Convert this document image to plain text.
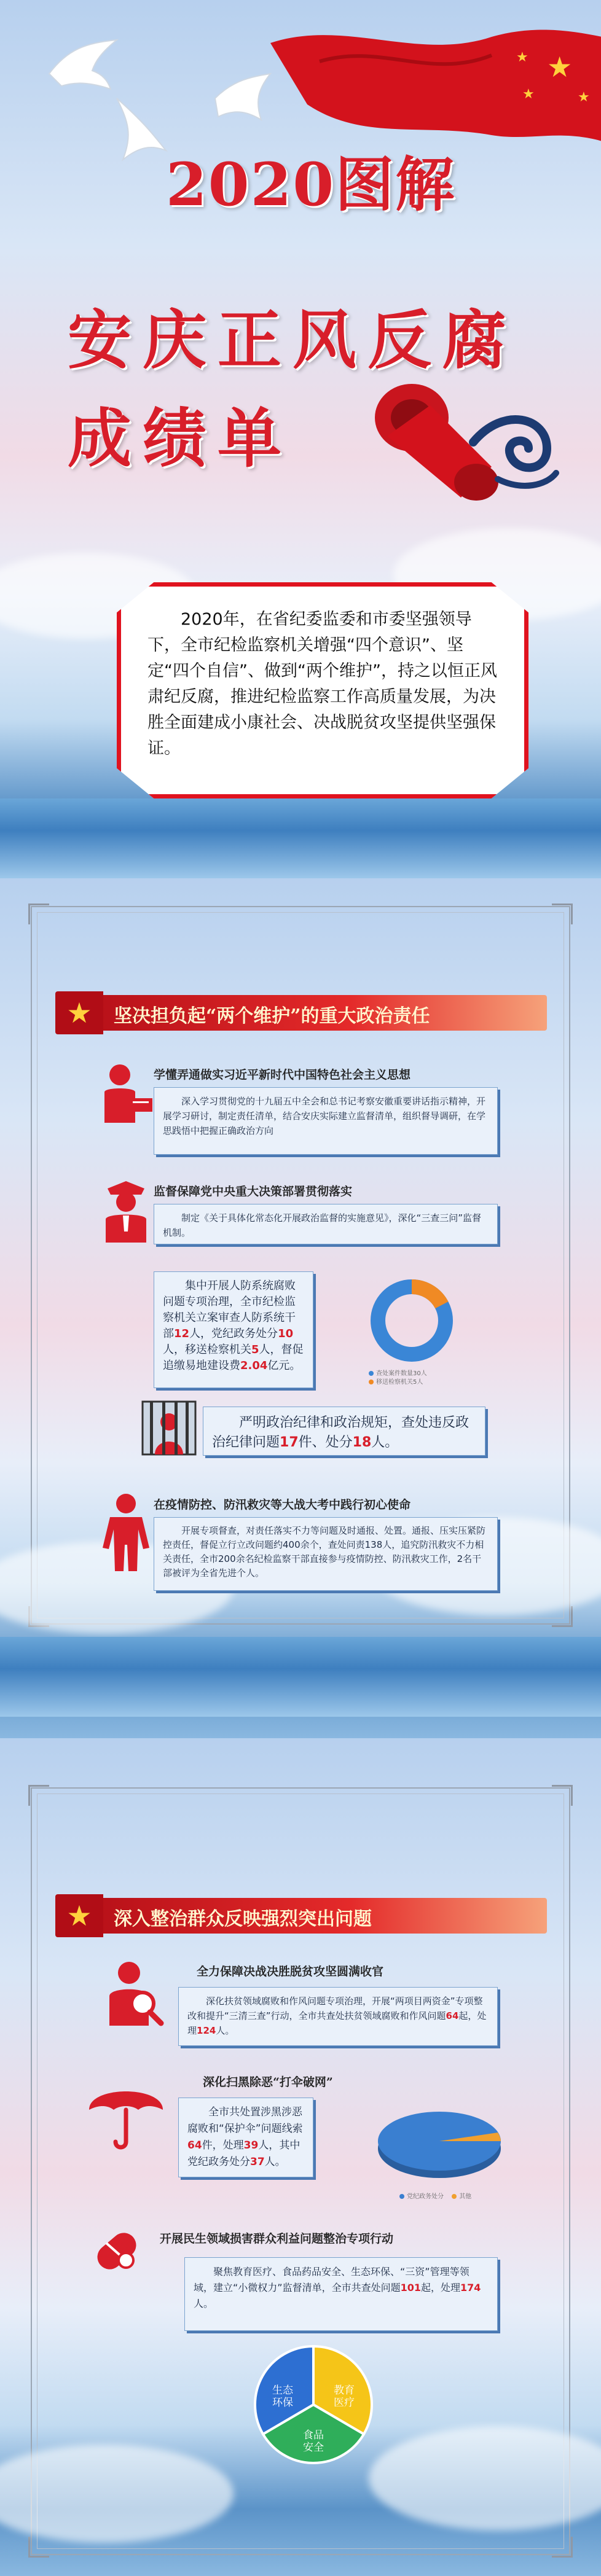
★
★
★	★
2020图解
安庆正风反腐
成绩单
2020年，在省纪委监委和市委坚强领导下，全市纪检监察机关增强“四个意识”、坚定“四个自信”、做到“两个维护”，持之以恒正风肃纪反腐，推进纪检监察工作高质量发展，为决胜全面建成小康社会、决战脱贫攻坚提供坚强保证。
★ 坚决担负起“两个维护”的重大政治责任
学懂弄通做实习近平新时代中国特色社会主义思想
深入学习贯彻党的十九届五中全会和总书记考察安徽重要讲话指示精神，开展学习研讨，制定责任清单，结合安庆实际建立监督清单，组织督导调研，在学思践悟中把握正确政治方向
监督保障党中央重大决策部署贯彻落实
制定《关于具体化常态化开展政治监督的实施意见》，深化“三查三问”监督机制。
集中开展人防系统腐败问题专项治理，全市纪检监察机关立案审查人防系统干部12人，党纪政务处分10人，移送检察机关5人，督促追缴易地建设费2.04亿元。
查处案件数量30人
移送检察机关5人
严明政治纪律和政治规矩，查处违反政治纪律问题17件、处分18人。
在疫情防控、防汛救灾等大战大考中践行初心使命
开展专项督查，对责任落实不力等问题及时通报、处置。通报、压实压紧防控责任，督促立行立改问题约400余个，查处问责138人，追究防汛救灾不力相关责任，全市200余名纪检监察干部直接参与疫情防控、防汛救灾工作，2名干部被评为全省先进个人。
★ 深入整治群众反映强烈突出问题
全力保障决战决胜脱贫攻坚圆满收官
深化扶贫领域腐败和作风问题专项治理，开展“两项目两资金”专项整改和提升“三清三查”行动，全市共查处扶贫领域腐败和作风问题64起，处理124人。
深化扫黑除恶“打伞破网”
全市共处置涉黑涉恶腐败和“保护伞”问题线索64件，处理39人，其中党纪政务处分37人。
党纪政务处分	其他
开展民生领域损害群众利益问题整治专项行动
聚焦教育医疗、食品药品安全、生态环保、“三资”管理等领域，建立“小微权力”监督清单，全市共查处问题101起，处理174人。
生态
环保
教育
医疗
食品
安全
